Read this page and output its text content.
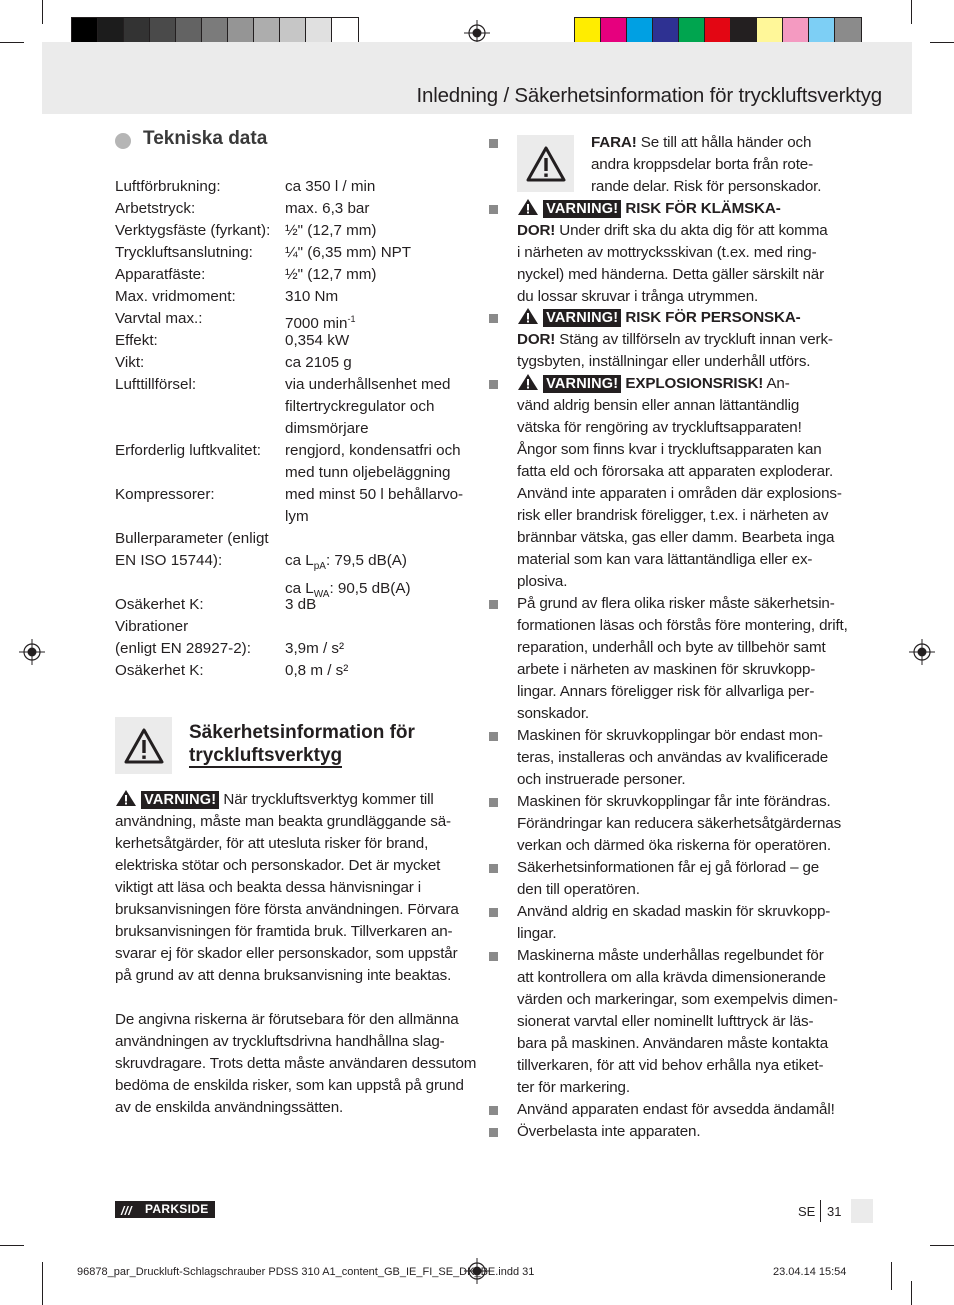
Inledning / Säkerhetsinformation för tryckluftsverktyg
Tekniska data
Luftförbrukning:	ca 350 l / min
Arbetstryck:	max. 6,3 bar
Verktygsfäste (fyrkant): ½" (12,7 mm)
Tryckluftsanslutning:	¼" (6,35 mm) NPT
Apparatfäste:	½" (12,7 mm)
Max. vridmoment:	310 Nm
Varvtal max.:	7000 $\min^{-1}$
Effekt:	0,354 kW
Vikt:	ca 2105 g
Lufttillförsel:	via underhållsenhet med
filtertryckregulator och
dimsmörjare
Erforderlig luftkvalitet:	rengjord, kondensatfri och
med tunn oljebeläggning
Kompressorer:	med minst 50 l behållarvo-
lym
Bullerparameter (enligt
EN ISO 15744):	ca $L_{pA}$: 79,5 dB(A)
ca $L_{WA}$: 90,5 dB(A)
Osäkerhet K:	3 dB
Vibrationer
(enligt EN 28927-2):	3,9m / s²
Osäkerhet K:	0,8 m / s²
Säkerhetsinformation för
tryckluftsverktyg
VARNING! När tryckluftsverktyg kommer till
användning, måste man beakta grundläggande sä-
kerhetsåtgärder, för att utesluta risker för brand,
elektriska stötar och personskador. Det är mycket
viktigt att läsa och beakta dessa hänvisningar i
bruksanvisningen före första användningen. Förvara
bruksanvisningen för framtida bruk. Tillverkaren an-
svarar ej för skador eller personskador, som uppstår
på grund av att denna bruksanvisning inte beaktas.
De angivna riskerna är förutsebara för den allmänna
användningen av tryckluftsdrivna handhållna slag-
skruvdragare. Trots detta måste användaren dessutom
bedöma de enskilda risker, som kan uppstå på grund
av de enskilda användningssätten.
FARA! Se till att hålla händer och
andra kroppsdelar borta från rote-
rande delar. Risk för personskador.
VARNING! RISK FÖR KLÄMSKA-
DOR! Under drift ska du akta dig för att komma
i närheten av mottrycksskivan (t.ex. med ring-
nyckel) med händerna. Detta gäller särskilt när
du lossar skruvar i trånga utrymmen.
VARNING! RISK FÖR PERSONSKA-
DOR! Stäng av tillförseln av tryckluft innan verk-
tygsbyten, inställningar eller underhåll utförs.
VARNING! EXPLOSIONSRISK! An-
vänd aldrig bensin eller annan lättantändlig
vätska för rengöring av tryckluftsapparaten!
Ångor som finns kvar i tryckluftsapparaten kan
fatta eld och förorsaka att apparaten exploderar.
Använd inte apparaten i områden där explosions-
risk eller brandrisk föreligger, t.ex. i närheten av
brännbar vätska, gas eller damm. Bearbeta inga
material som kan vara lättantändliga eller ex-
plosiva.
På grund av flera olika risker måste säkerhetsin-
formationen läsas och förstås före montering, drift,
reparation, underhåll och byte av tillbehör samt
arbete i närheten av maskinen för skruvkopp-
lingar. Annars föreligger risk för allvarliga per-
sonskador.
Maskinen för skruvkopplingar bör endast mon-
teras, installeras och användas av kvalificerade
och instruerade personer.
Maskinen för skruvkopplingar får inte förändras.
Förändringar kan reducera säkerhetsåtgärdernas
verkan och därmed öka riskerna för operatören.
Säkerhetsinformationen får ej gå förlorad – ge
den till operatören.
Använd aldrig en skadad maskin för skruvkopp-
lingar.
Maskinerna måste underhållas regelbundet för
att kontrollera om alla krävda dimensionerande
värden och markeringar, som exempelvis dimen-
sionerat varvtal eller nominellt lufttryck är läs-
bara på maskinen. Användaren måste kontakta
tillverkaren, för att vid behov erhålla nya etiket-
ter för markering.
Använd apparaten endast för avsedda ändamål!
Överbelasta inte apparaten.
/// PARKSIDE	SE 31
96878_par_Druckluft-Schlagschrauber PDSS 310 A1_content_GB_IE_FI_SE_DK_BE.indd 31	23.04.14 15:54
